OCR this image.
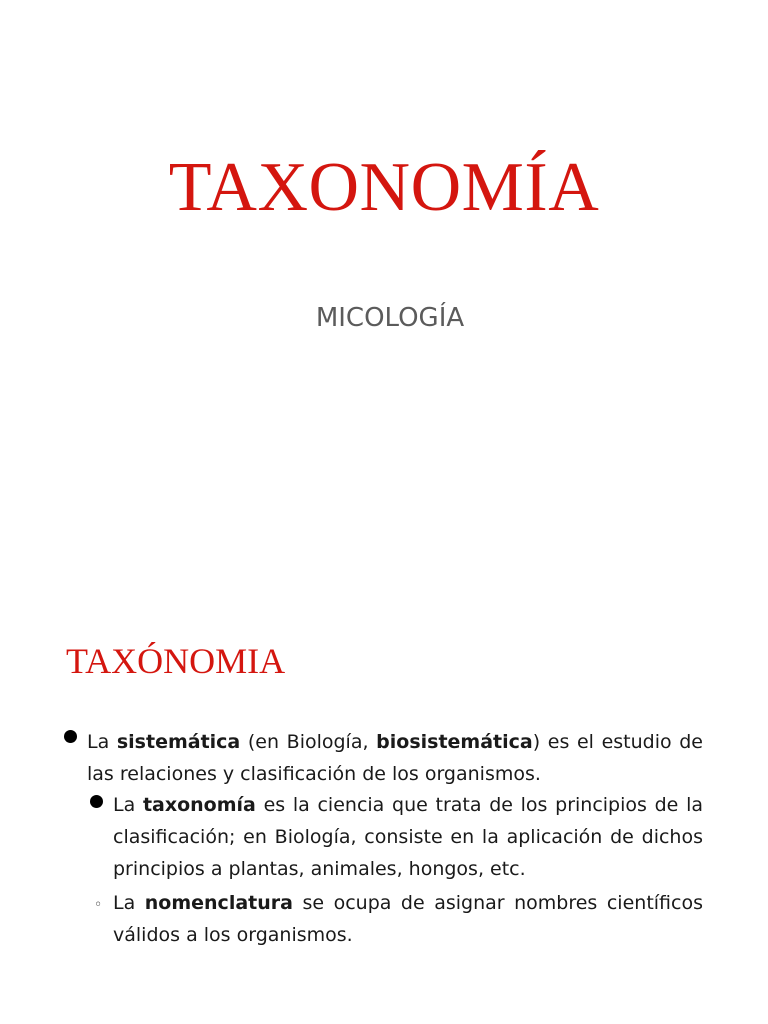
TAXONOMÍA
MICOLOGÍA
TAXÓNOMIA
◦
La sistemática (en Biología, biosistemática) es el estudio de las relaciones y clasificación de los organismos.
La taxonomía es la ciencia que trata de los principios de la clasificación; en Biología, consiste en la aplicación de dichos principios a plantas, animales, hongos, etc.
La nomenclatura se ocupa de asignar nombres científicos válidos a los organismos.
